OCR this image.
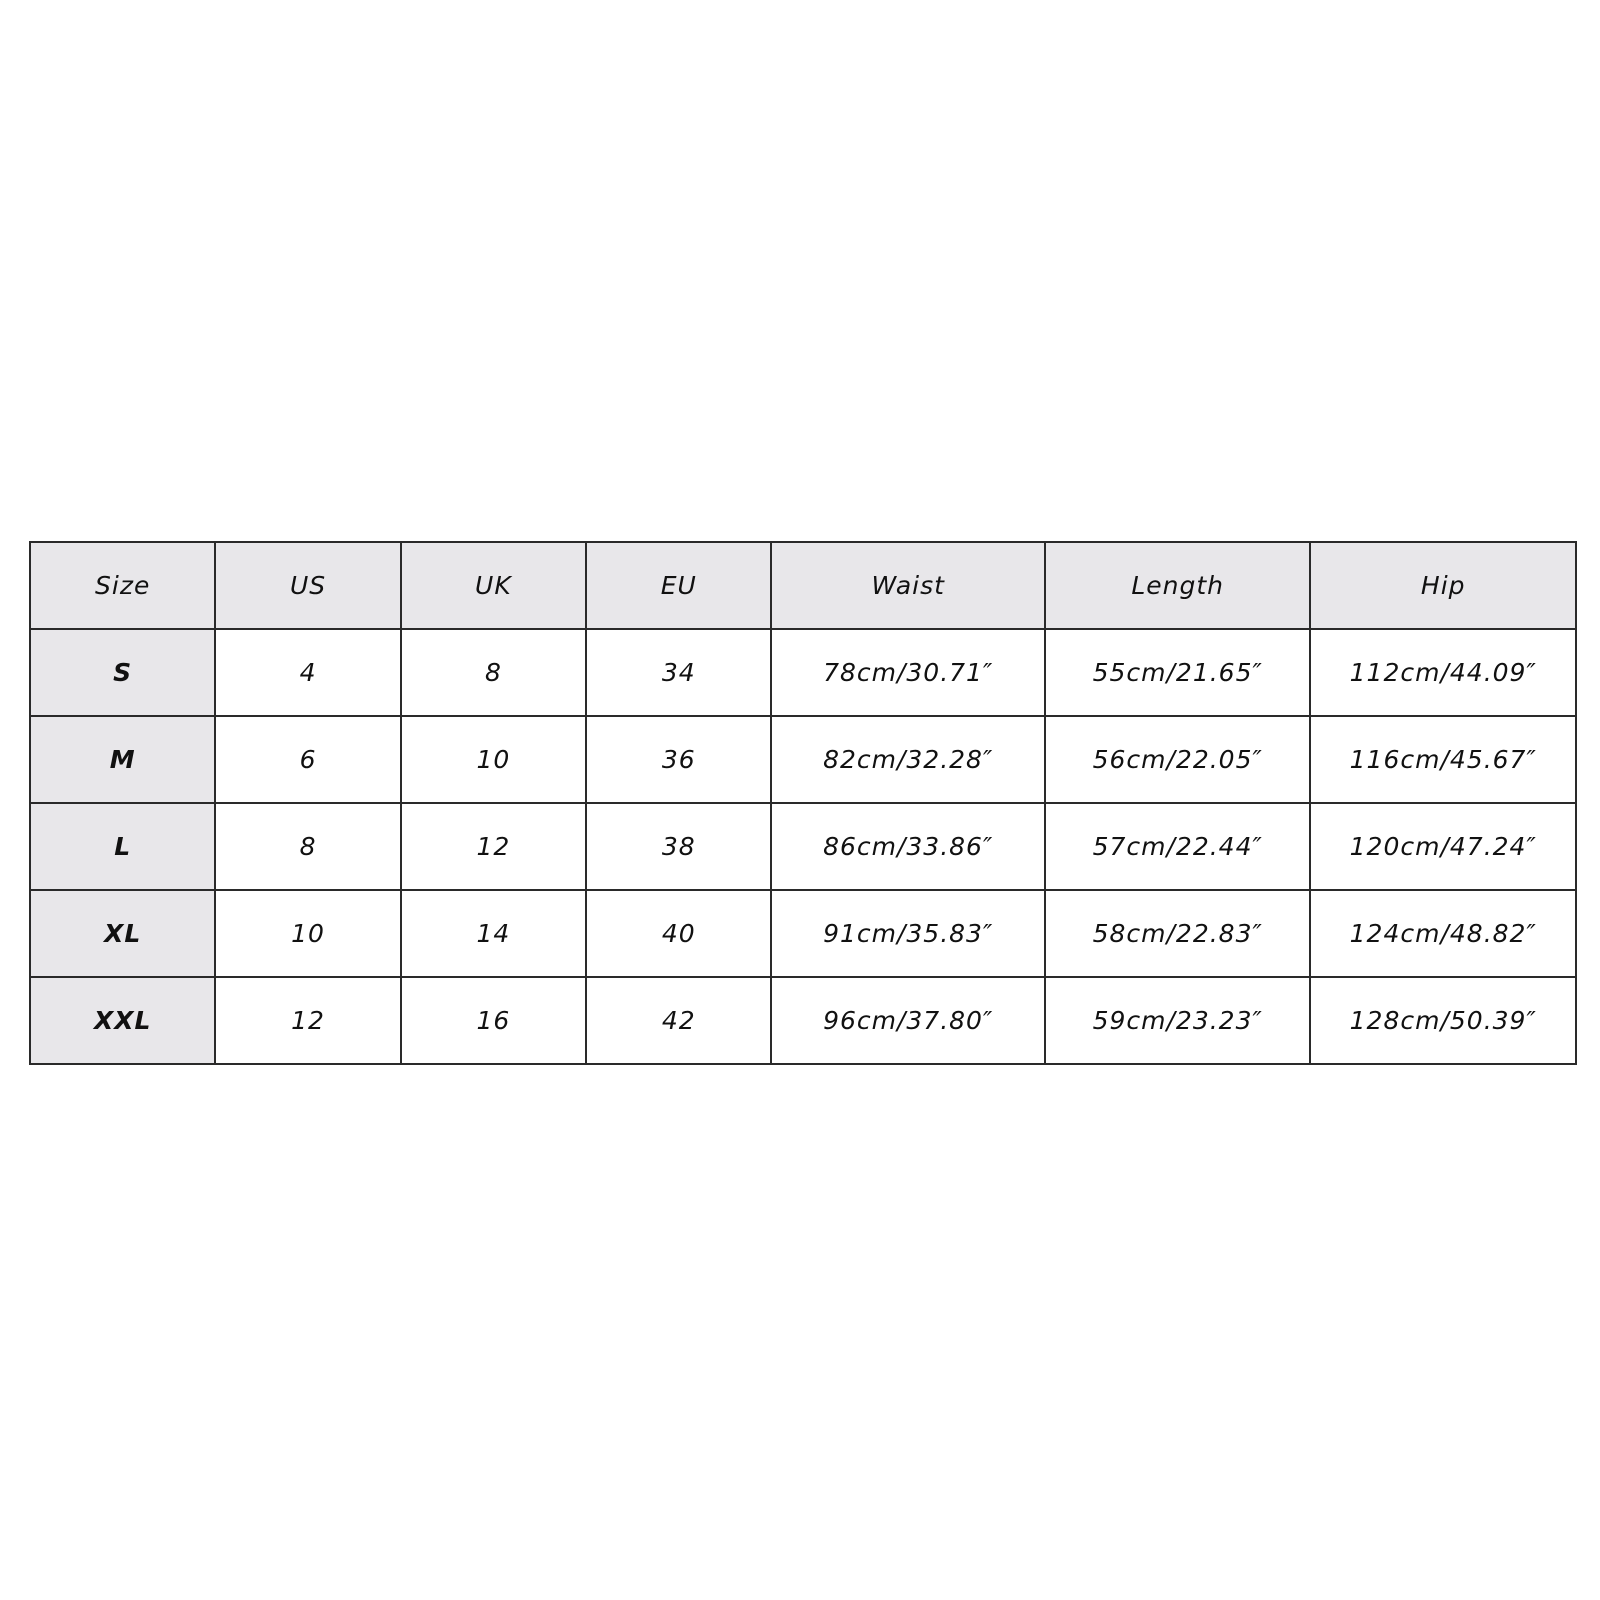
Size	US	UK	EU	Waist	Length	Hip
S	4	8	34	78cm/30.71″	55cm/21.65″	112cm/44.09″
M	6	10	36	82cm/32.28″	56cm/22.05″	116cm/45.67″
L	8	12	38	86cm/33.86″	57cm/22.44″	120cm/47.24″
XL	10	14	40	91cm/35.83″	58cm/22.83″	124cm/48.82″
XXL	12	16	42	96cm/37.80″	59cm/23.23″	128cm/50.39″
